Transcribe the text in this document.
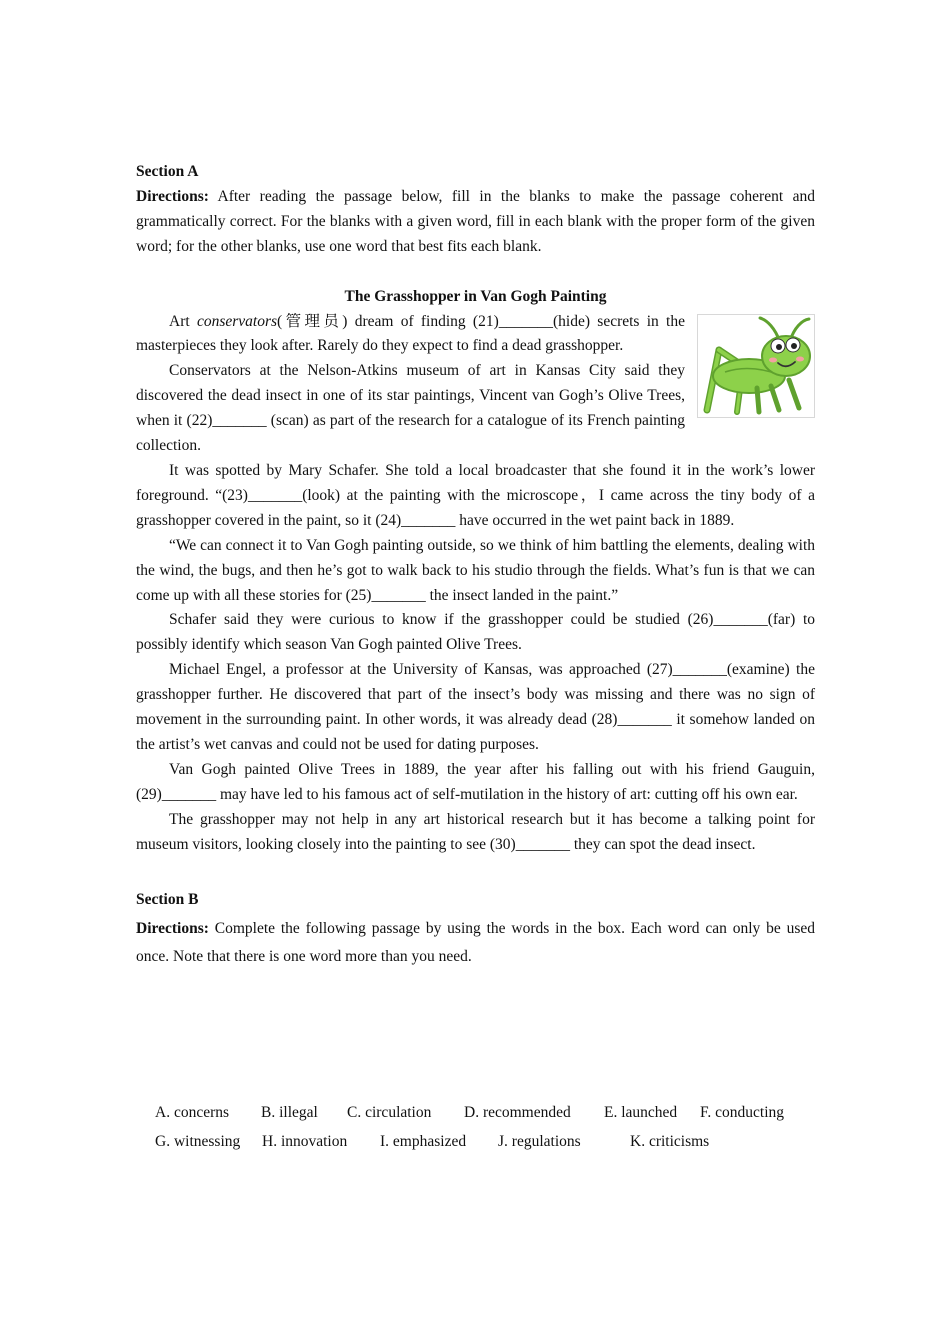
Section A

Directions: After reading the passage below, fill in the blanks to make the passage coherent and grammatically correct. For the blanks with a given word, fill in each blank with the proper form of the given word; for the other blanks, use one word that best fits each blank.

The Grasshopper in Van Gogh Painting

Art conservators(管理员) dream of finding (21)_______(hide) secrets in the masterpieces they look after. Rarely do they expect to find a dead grasshopper.

Conservators at the Nelson-Atkins museum of art in Kansas City said they discovered the dead insect in one of its star paintings, Vincent van Gogh’s Olive Trees, when it (22)_______ (scan) as part of the research for a catalogue of its French painting collection.

It was spotted by Mary Schafer. She told a local broadcaster that she found it in the work’s lower foreground. “(23)_______(look) at the painting with the microscope，I came across the tiny body of a grasshopper covered in the paint, so it (24)_______ have occurred in the wet paint back in 1889.

“We can connect it to Van Gogh painting outside, so we think of him battling the elements, dealing with the wind, the bugs, and then he’s got to walk back to his studio through the fields. What’s fun is that we can come up with all these stories for (25)_______ the insect landed in the paint.”

Schafer said they were curious to know if the grasshopper could be studied (26)_______(far) to possibly identify which season Van Gogh painted Olive Trees.

Michael Engel, a professor at the University of Kansas, was approached (27)_______(examine) the grasshopper further. He discovered that part of the insect’s body was missing and there was no sign of movement in the surrounding paint. In other words, it was already dead (28)_______ it somehow landed on the artist’s wet canvas and could not be used for dating purposes.

Van Gogh painted Olive Trees in 1889, the year after his falling out with his friend Gauguin, (29)_______ may have led to his famous act of self-mutilation in the history of art: cutting off his own ear.

The grasshopper may not help in any art historical research but it has become a talking point for museum visitors, looking closely into the painting to see (30)_______ they can spot the dead insect.

Section B

Directions: Complete the following passage by using the words in the box. Each word can only be used once. Note that there is one word more than you need.

A. concerns B. illegal C. circulation D. recommended E. launched F. conducting
G. witnessing H. innovation I. emphasized J. regulations	K. criticisms
